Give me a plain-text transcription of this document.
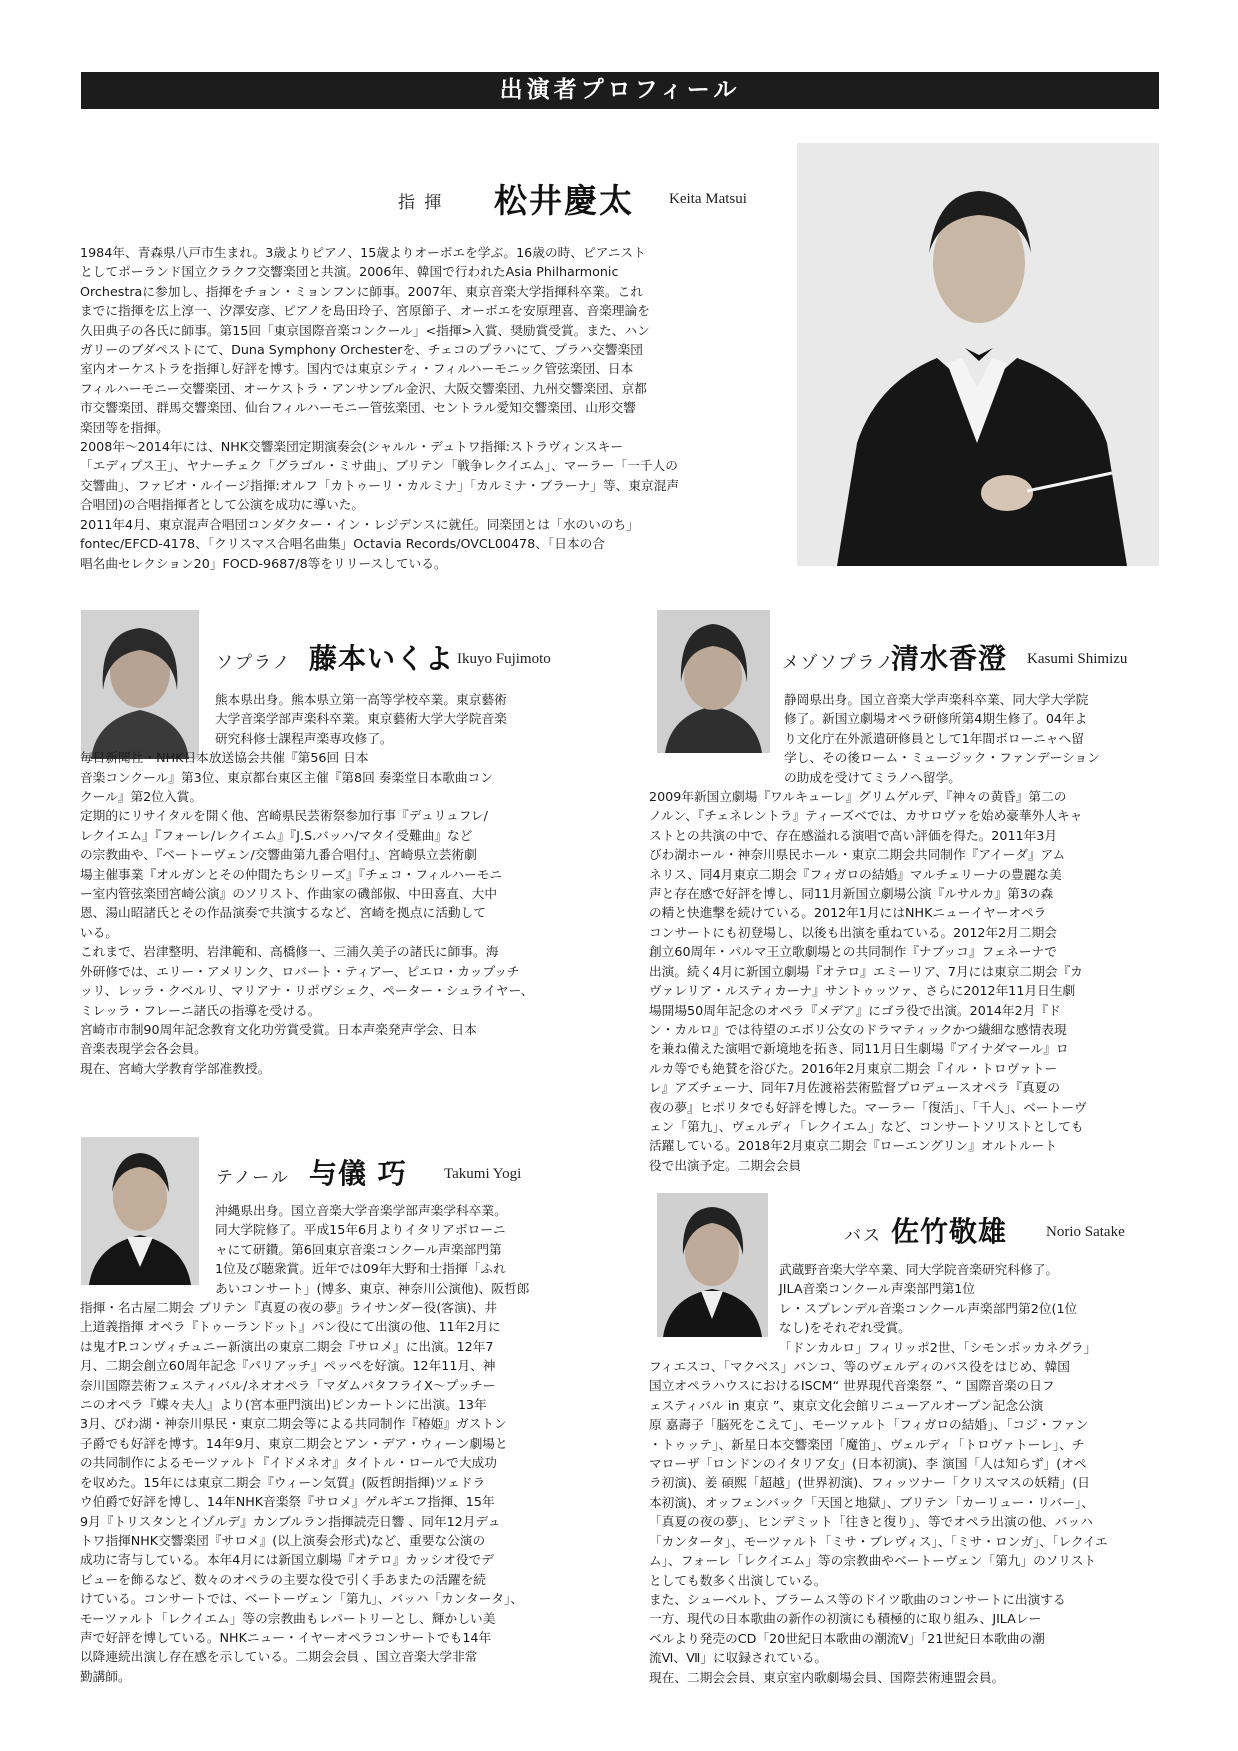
出演者プロフィール
指 揮 松井慶太 Keita Matsui
1984年、青森県八戸市生まれ。3歳よりピアノ、15歳よりオーボエを学ぶ。16歳の時、ピアニスト
としてポーランド国立クラクフ交響楽団と共演。2006年、韓国で行われたAsia Philharmonic
Orchestraに参加し、指揮をチョン・ミョンフンに師事。2007年、東京音楽大学指揮科卒業。これ
までに指揮を広上淳一、汐澤安彦、ピアノを島田玲子、宮原節子、オーボエを安原理喜、音楽理論を
久田典子の各氏に師事。第15回「東京国際音楽コンクール」<指揮>入賞、奨励賞受賞。また、ハン
ガリーのブダペストにて、Duna Symphony Orchesterを、チェコのプラハにて、プラハ交響楽団
室内オーケストラを指揮し好評を博す。国内では東京シティ・フィルハーモニック管弦楽団、日本
フィルハーモニー交響楽団、オーケストラ・アンサンブル金沢、大阪交響楽団、九州交響楽団、京都
市交響楽団、群馬交響楽団、仙台フィルハーモニー管弦楽団、セントラル愛知交響楽団、山形交響
楽団等を指揮。
2008年～2014年には、NHK交響楽団定期演奏会(シャルル・デュトワ指揮:ストラヴィンスキー
「エディプス王」、ヤナーチェク「グラゴル・ミサ曲」、ブリテン「戦争レクイエム」、マーラー「一千人の
交響曲」、ファビオ・ルイージ指揮:オルフ「カトゥーリ・カルミナ」「カルミナ・ブラーナ」等、東京混声
合唱団)の合唱指揮者として公演を成功に導いた。
2011年4月、東京混声合唱団コンダクター・イン・レジデンスに就任。同楽団とは「水のいのち」
fontec/EFCD-4178、「クリスマス合唱名曲集」Octavia Records/OVCL00478、「日本の合
唱名曲セレクション20」FOCD-9687/8等をリリースしている。
ソプラノ 藤本いくよ Ikuyo Fujimoto
熊本県出身。熊本県立第一高等学校卒業。東京藝術
大学音楽学部声楽科卒業。東京藝術大学大学院音楽
研究科修士課程声楽専攻修了。
毎日新聞社・NHK日本放送協会共催『第56回 日本
音楽コンクール』第3位、東京都台東区主催『第8回 奏楽堂日本歌曲コン
クール』第2位入賞。
定期的にリサイタルを開く他、宮崎県民芸術祭参加行事『デュリュフレ/
レクイエム』『フォーレ/レクイエム』『J.S.バッハ/マタイ受難曲』など
の宗教曲や、『ベートーヴェン/交響曲第九番合唱付』、宮崎県立芸術劇
場主催事業『オルガンとその仲間たちシリーズ』『チェコ・フィルハーモニ
ー室内管弦楽団宮崎公演』のソリスト、作曲家の磯部俶、中田喜直、大中
恩、湯山昭諸氏とその作品演奏で共演するなど、宮崎を拠点に活動して
いる。
これまで、岩津整明、岩津範和、高橋修一、三浦久美子の諸氏に師事。海
外研修では、エリー・アメリンク、ロバート・ティアー、ピエロ・カップッチ
ッリ、レッラ・クベルリ、マリアナ・リポヴシェク、ペーター・シュライヤー、
ミレッラ・フレーニ諸氏の指導を受ける。
宮崎市市制90周年記念教育文化功労賞受賞。日本声楽発声学会、日本
音楽表現学会各会員。
現在、宮崎大学教育学部准教授。
メゾソプラノ
清水香澄 Kasumi Shimizu
静岡県出身。国立音楽大学声楽科卒業、同大学大学院
修了。新国立劇場オペラ研修所第4期生修了。04年よ
り文化庁在外派遣研修員として1年間ボローニャへ留
学し、その後ローム・ミュージック・ファンデーション
の助成を受けてミラノへ留学。
2009年新国立劇場『ワルキューレ』グリムゲルデ、『神々の黄昏』第二の
ノルン、『チェネレントラ』ティーズベでは、カサロヴァを始め豪華外人キャ
ストとの共演の中で、存在感溢れる演唱で高い評価を得た。2011年3月
びわ湖ホール・神奈川県民ホール・東京二期会共同制作『アイーダ』アム
ネリス、同4月東京二期会『フィガロの結婚』マルチェリーナの豊麗な美
声と存在感で好評を博し、同11月新国立劇場公演『ルサルカ』第3の森
の精と快進撃を続けている。2012年1月にはNHKニューイヤーオペラ
コンサートにも初登場し、以後も出演を重ねている。2012年2月二期会
創立60周年・パルマ王立歌劇場との共同制作『ナブッコ』フェネーナで
出演。続く4月に新国立劇場『オテロ』エミーリア、7月には東京二期会『カ
ヴァレリア・ルスティカーナ』サントゥッツァ、さらに2012年11月日生劇
場開場50周年記念のオペラ『メデア』にゴラ役で出演。2014年2月『ド
ン・カルロ』では待望のエボリ公女のドラマティックかつ繊細な感情表現
を兼ね備えた演唱で新境地を拓き、同11月日生劇場『アイナダマール』ロ
ルカ等でも絶賛を浴びた。2016年2月東京二期会『イル・トロヴァトー
レ』アズチェーナ、同年7月佐渡裕芸術監督プロデュースオペラ『真夏の
夜の夢』ヒポリタでも好評を博した。マーラー「復活」、「千人」、ベートーヴ
ェン「第九」、ヴェルディ「レクイエム」など、コンサートソリストとしても
活躍している。2018年2月東京二期会『ローエングリン』オルトルート
役で出演予定。二期会会員
テノール 与儀 巧 Takumi Yogi
沖縄県出身。国立音楽大学音楽学部声楽学科卒業。
同大学院修了。平成15年6月よりイタリアボローニ
ャにて研鑽。第6回東京音楽コンクール声楽部門第
1位及び聴衆賞。近年では09年大野和士指揮「ふれ
あいコンサート」(博多、東京、神奈川公演他)、阪哲郎
指揮・名古屋二期会 ブリテン『真夏の夜の夢』ライサンダー役(客演)、井
上道義指揮 オペラ『トゥーランドット』パン役にて出演の他、11年2月に
は鬼才P.コンヴィチュニー新演出の東京二期会『サロメ』に出演。12年7
月、二期会創立60周年記念『パリアッチ』ペッペを好演。12年11月、神
奈川国際芸術フェスティバル/ネオオペラ「マダムバタフライX～プッチー
ニのオペラ『蝶々夫人』より(宮本亜門演出)ピンカートンに出演。13年
3月、びわ湖・神奈川県民・東京二期会等による共同制作『椿姫』ガストン
子爵でも好評を博す。14年9月、東京二期会とアン・デア・ウィーン劇場と
の共同制作によるモーツァルト『イドメネオ』タイトル・ロールで大成功
を収めた。15年には東京二期会『ウィーン気質』(阪哲朗指揮)ツェドラ
ウ伯爵で好評を博し、14年NHK音楽祭『サロメ』ゲルギエフ指揮、15年
9月『トリスタンとイゾルデ』カンブルラン指揮読売日響 、同年12月デュ
トワ指揮NHK交響楽団『サロメ』(以上演奏会形式)など、重要な公演の
成功に寄与している。本年4月には新国立劇場『オテロ』カッシオ役でデ
ビューを飾るなど、数々のオペラの主要な役で引く手あまたの活躍を続
けている。コンサートでは、ベートーヴェン「第九」、バッハ「カンタータ」、
モーツァルト「レクイエム」等の宗教曲もレパートリーとし、輝かしい美
声で好評を博している。NHKニュー・イヤーオペラコンサートでも14年
以降連続出演し存在感を示している。二期会会員 、国立音楽大学非常
勤講師。
バス 佐竹敬雄	Norio Satake
武蔵野音楽大学卒業、同大学院音楽研究科修了。
JILA音楽コンクール声楽部門第1位
レ・スプレンデル音楽コンクール声楽部門第2位(1位
なし)をそれぞれ受賞。
「ドンカルロ」フィリッポ2世、「シモンボッカネグラ」
フィエスコ、「マクベス」バンコ、等のヴェルディのバス役をはじめ、韓国
国立オペラハウスにおけるISCM“ 世界現代音楽祭 ”、“ 国際音楽の日フ
ェスティバル in 東京 ”、東京文化会館リニューアルオープン記念公演
原 嘉壽子「脳死をこえて」、モーツァルト「フィガロの結婚」、「コジ・ファン
・トゥッテ」、新星日本交響楽団「魔笛」、ヴェルディ「トロヴァトーレ」、チ
マローザ「ロンドンのイタリア女」(日本初演)、李 演国「人は知らず」(オペ
ラ初演)、姜 碩熙「超越」(世界初演)、フィッツナー「クリスマスの妖精」(日
本初演)、オッフェンバック「天国と地獄」、ブリテン「カーリュー・リバー」、
「真夏の夜の夢」、ヒンデミット「往きと復り」、等でオペラ出演の他、バッハ
「カンタータ」、モーツァルト「ミサ・ブレヴィス」、「ミサ・ロンガ」、「レクイエ
ム」、フォーレ「レクイエム」等の宗教曲やベートーヴェン「第九」のソリスト
としても数多く出演している。
また、シューベルト、ブラームス等のドイツ歌曲のコンサートに出演する
一方、現代の日本歌曲の新作の初演にも積極的に取り組み、JILAレー
ベルより発売のCD「20世紀日本歌曲の潮流Ⅴ」「21世紀日本歌曲の潮
流Ⅵ、Ⅶ」に収録されている。
現在、二期会会員、東京室内歌劇場会員、国際芸術連盟会員。
